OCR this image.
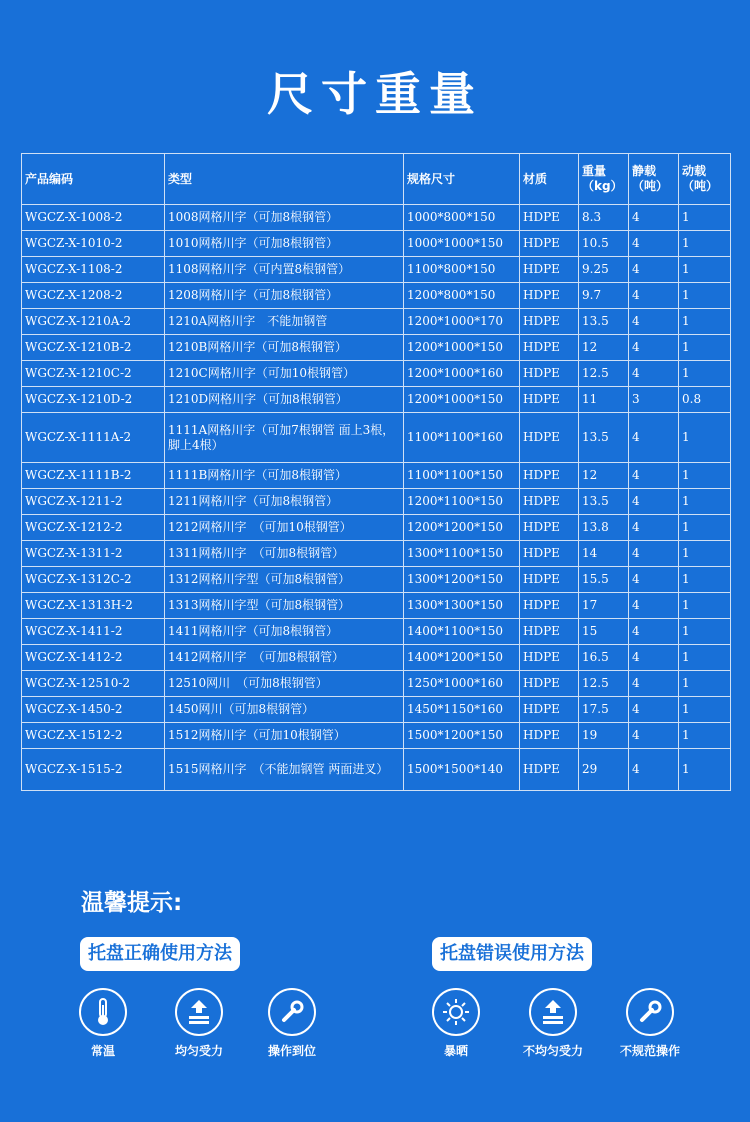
尺寸重量
产品编码	类型	规格尺寸	材质	重量（kg）	静载（吨）	动载（吨）
WGCZ-X-1008-2	1008网格川字（可加8根钢管）	1000*800*150	HDPE	8.3	4	1
WGCZ-X-1010-2	1010网格川字（可加8根钢管）	1000*1000*150	HDPE	10.5	4	1
WGCZ-X-1108-2	1108网格川字（可内置8根钢管）	1100*800*150	HDPE	9.25	4	1
WGCZ-X-1208-2	1208网格川字（可加8根钢管）	1200*800*150	HDPE	9.7	4	1
WGCZ-X-1210A-2	1210A网格川字　不能加钢管	1200*1000*170	HDPE	13.5	4	1
WGCZ-X-1210B-2	1210B网格川字（可加8根钢管）	1200*1000*150	HDPE	12	4	1
WGCZ-X-1210C-2	1210C网格川字（可加10根钢管）	1200*1000*160	HDPE	12.5	4	1
WGCZ-X-1210D-2	1210D网格川字（可加8根钢管）	1200*1000*150	HDPE	11	3	0.8
WGCZ-X-1111A-2	1111A网格川字（可加7根钢管 面上3根，脚上4根）	1100*1100*160	HDPE	13.5	4	1
WGCZ-X-1111B-2	1111B网格川字（可加8根钢管）	1100*1100*150	HDPE	12	4	1
WGCZ-X-1211-2	1211网格川字（可加8根钢管）	1200*1100*150	HDPE	13.5	4	1
WGCZ-X-1212-2	1212网格川字　（可加10根钢管）	1200*1200*150	HDPE	13.8	4	1
WGCZ-X-1311-2	1311网格川字　（可加8根钢管）	1300*1100*150	HDPE	14	4	1
WGCZ-X-1312C-2	1312网格川字型（可加8根钢管）	1300*1200*150	HDPE	15.5	4	1
WGCZ-X-1313H-2	1313网格川字型（可加8根钢管）	1300*1300*150	HDPE	17	4	1
WGCZ-X-1411-2	1411网格川字（可加8根钢管）	1400*1100*150	HDPE	15	4	1
WGCZ-X-1412-2	1412网格川字　（可加8根钢管）	1400*1200*150	HDPE	16.5	4	1
WGCZ-X-12510-2	12510网川　（可加8根钢管）	1250*1000*160	HDPE	12.5	4	1
WGCZ-X-1450-2	1450网川（可加8根钢管）	1450*1150*160	HDPE	17.5	4	1
WGCZ-X-1512-2	1512网格川字（可加10根钢管）	1500*1200*150	HDPE	19	4	1
WGCZ-X-1515-2	1515网格川字　（不能加钢管 两面进叉）	1500*1500*140	HDPE	29	4	1
温馨提示:
托盘正确使用方法	托盘错误使用方法
常温	均匀受力	操作到位	暴晒	不均匀受力	不规范操作
